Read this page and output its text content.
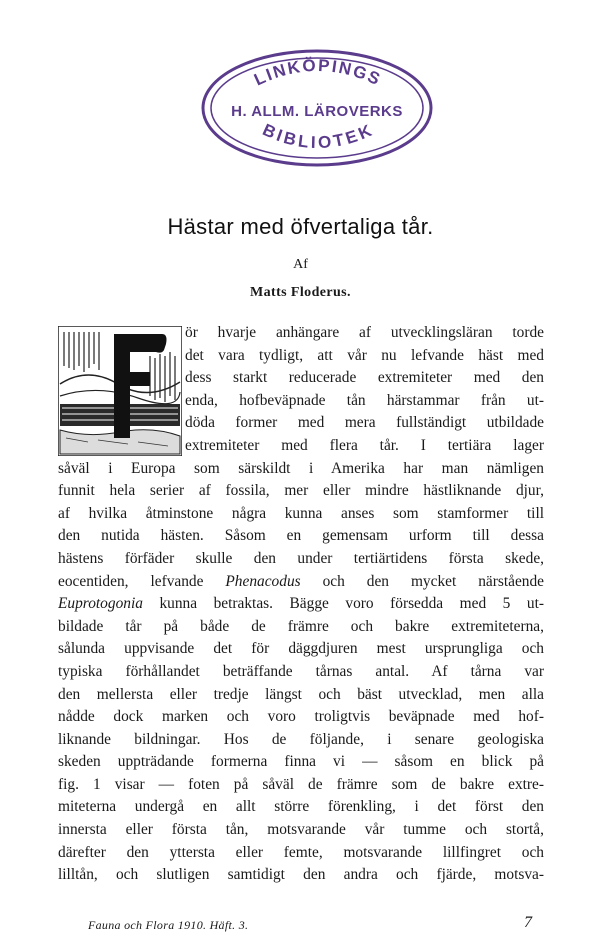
LINKÖPINGS
H. ALLM. LÄROVERKS
BIBLIOTEK
Hästar med öfvertaliga tår.
Af
Matts Floderus.
ör hvarje anhängare af utvecklingsläran torde
det vara tydligt, att vår nu lefvande häst med
dess starkt reducerade extremiteter med den
enda, hofbeväpnade tån härstammar från ut-
döda former med mera fullständigt utbildade
extremiteter med flera tår. I tertiära lager
såväl i Europa som särskildt i Amerika har man nämligen
funnit hela serier af fossila, mer eller mindre hästliknande djur,
af hvilka åtminstone några kunna anses som stamformer till
den nutida hästen. Såsom en gemensam urform till dessa
hästens förfäder skulle den under tertiärtidens första skede,
eocentiden, lefvande Phenacodus och den mycket närstående
Euprotogonia kunna betraktas. Bägge voro försedda med 5 ut-
bildade tår på både de främre och bakre extremiteterna,
sålunda uppvisande det för däggdjuren mest ursprungliga och
typiska förhållandet beträffande tårnas antal. Af tårna var
den mellersta eller tredje längst och bäst utvecklad, men alla
nådde dock marken och voro troligtvis beväpnade med hof-
liknande bildningar. Hos de följande, i senare geologiska
skeden uppträdande formerna finna vi — såsom en blick på
fig. 1 visar — foten på såväl de främre som de bakre extre-
miteterna undergå en allt större förenkling, i det först den
innersta eller första tån, motsvarande vår tumme och stortå,
därefter den yttersta eller femte, motsvarande lillfingret och
lilltån, och slutligen samtidigt den andra och fjärde, motsva-
Fauna och Flora 1910. Häft. 3.	7
